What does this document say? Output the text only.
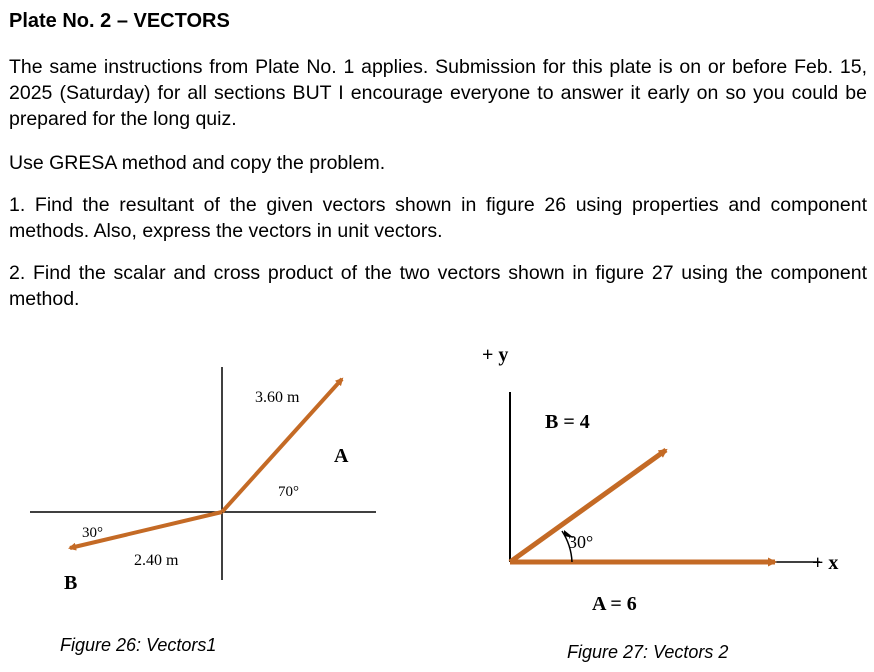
Plate No. 2 – VECTORS

The same instructions from Plate No. 1 applies. Submission for this plate is on or before Feb. 15, 2025 (Saturday) for all sections BUT I encourage everyone to answer it early on so you could be prepared for the long quiz.

Use GRESA method and copy the problem.

1. Find the resultant of the given vectors shown in figure 26 using properties and component methods. Also, express the vectors in unit vectors.

2. Find the scalar and cross product of the two vectors shown in figure 27 using the component method.

3.60 m
A
70°
30°
2.40 m
B
Figure 26: Vectors1
+ y
+ x
B = 4
30°
A = 6
Figure 27: Vectors 2
